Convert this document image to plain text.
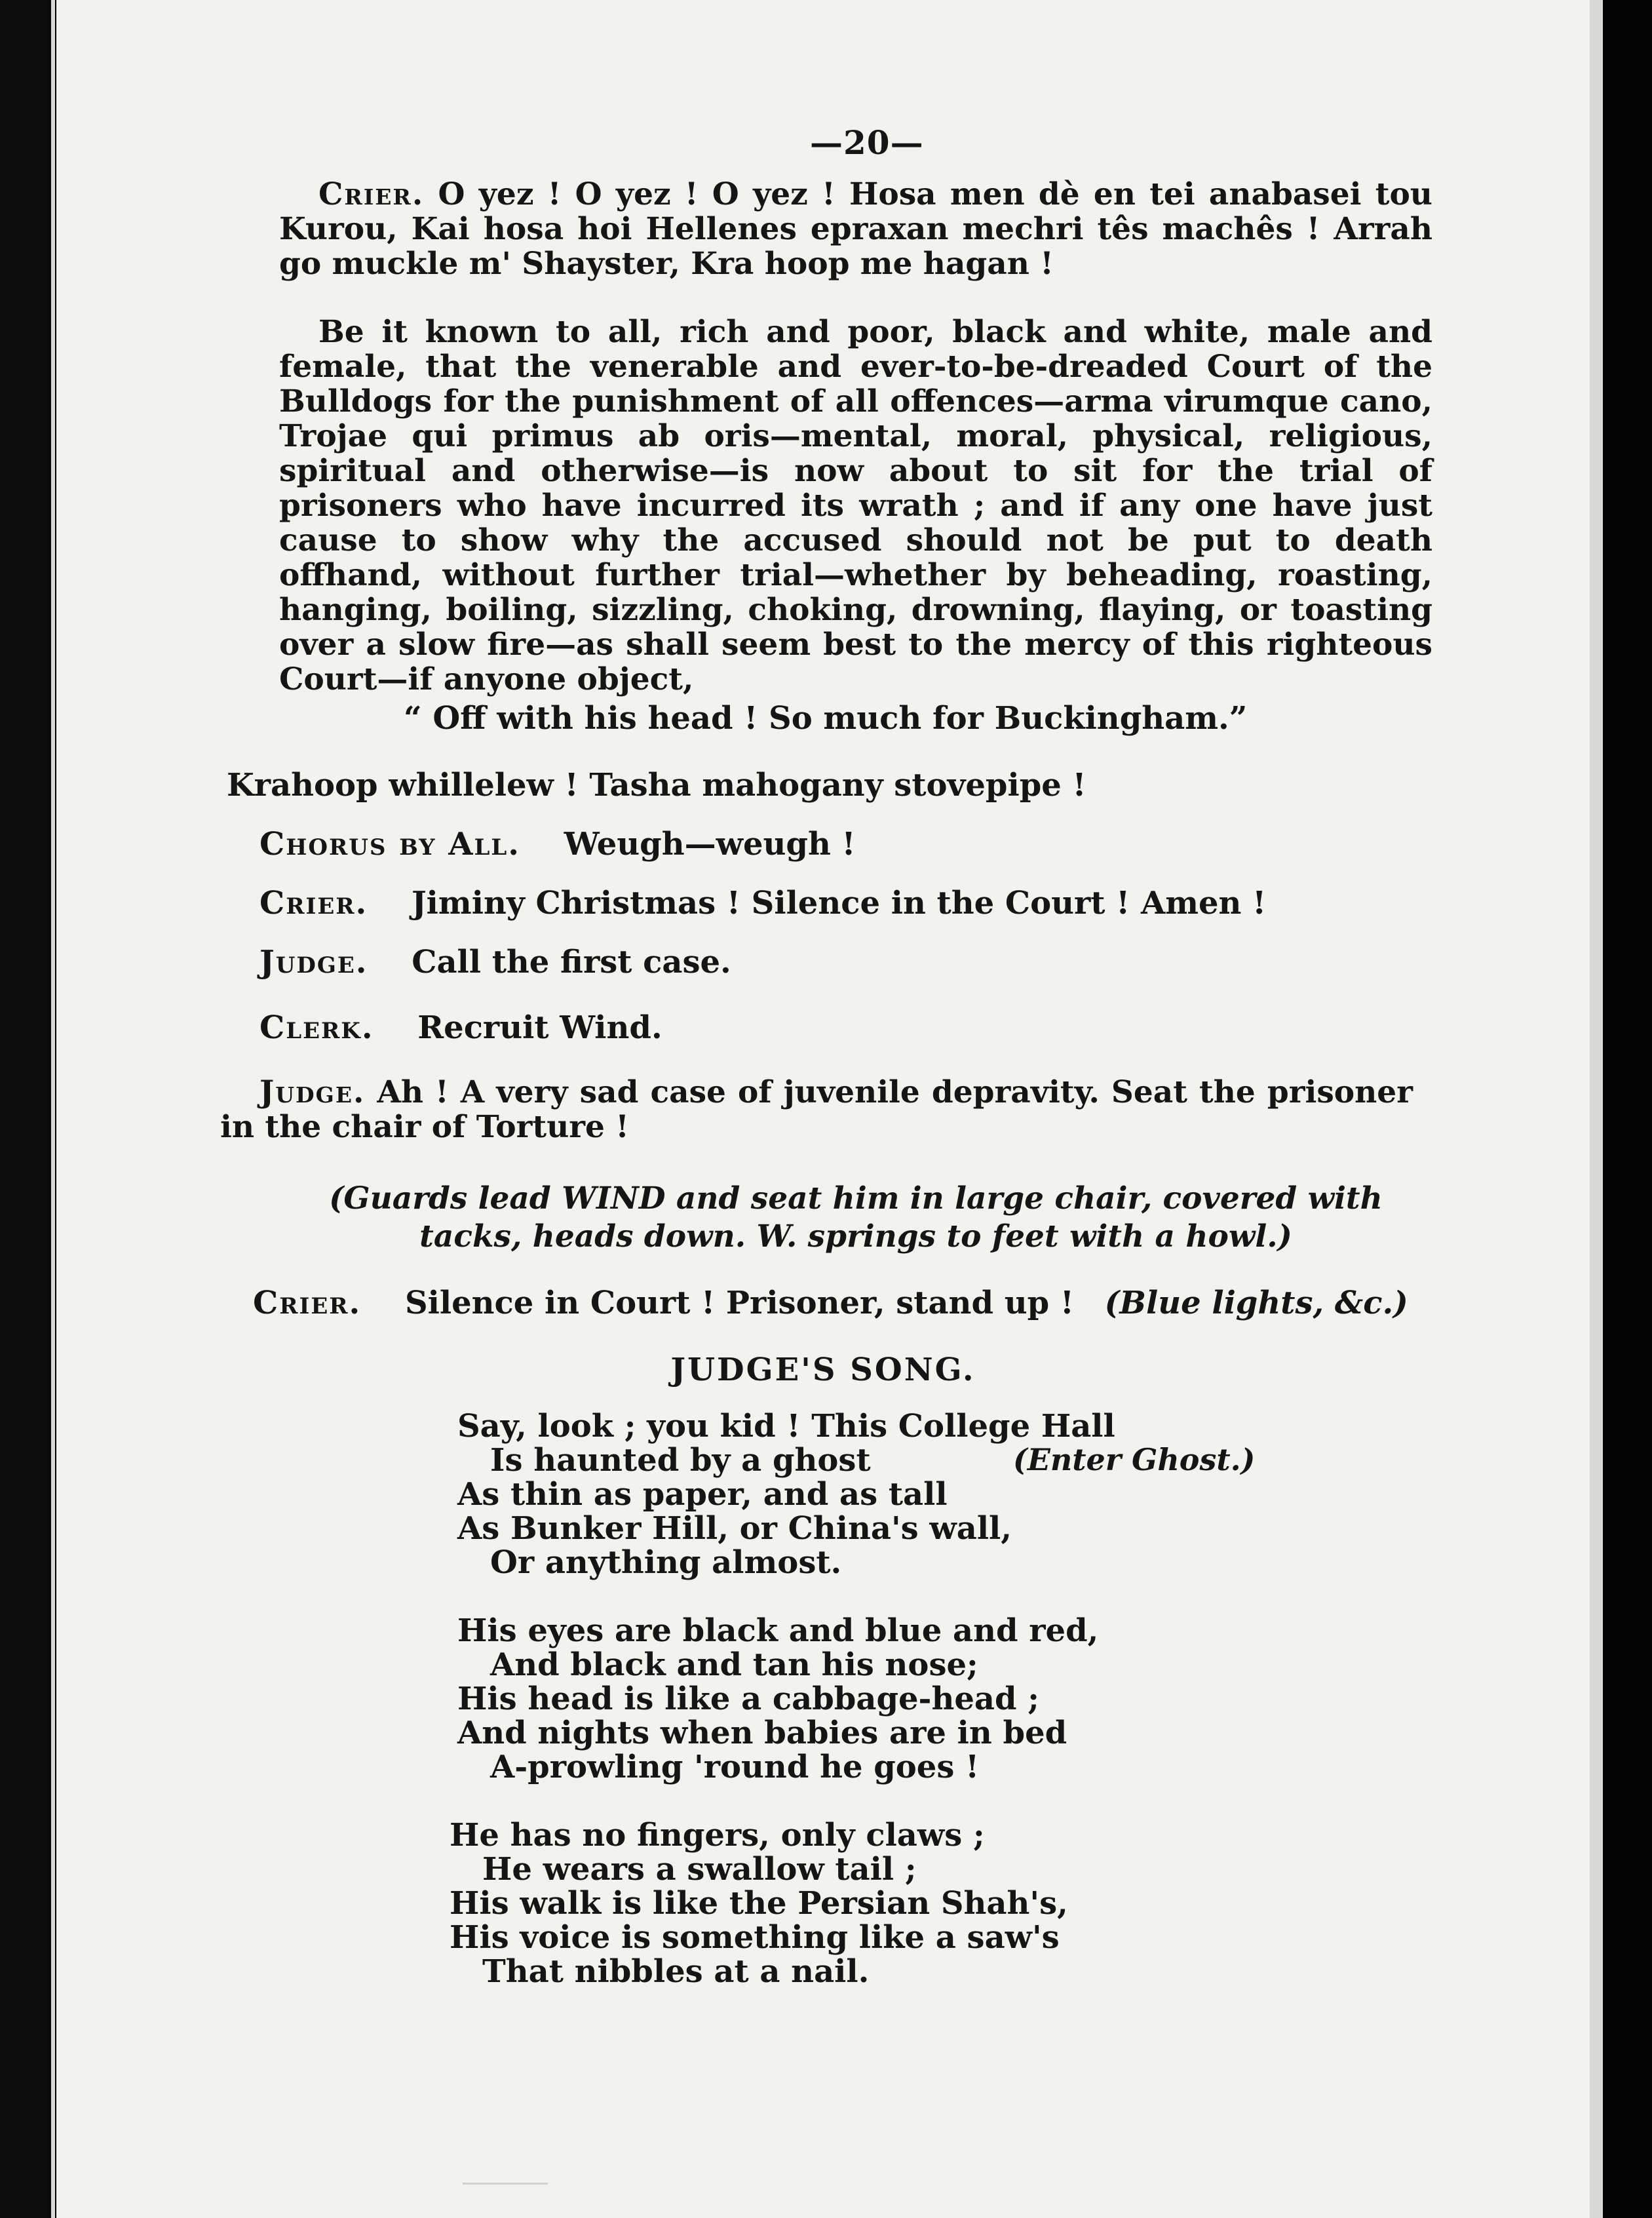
—20—

Crier. O yez ! O yez ! O yez ! Hosa men dè en tei anabasei tou Kurou, Kai hosa hoi Hellenes epraxan mechri tês machês ! Arrah go muckle m' Shayster, Kra hoop me hagan !

Be it known to all, rich and poor, black and white, male and female, that the venerable and ever-to-be-dreaded Court of the Bulldogs for the punishment of all offences—arma virumque cano, Trojae qui primus ab oris—mental, moral, physical, religious, spiritual and otherwise—is now about to sit for the trial of prisoners who have incurred its wrath ; and if any one have just cause to show why the accused should not be put to death offhand, without further trial—whether by beheading, roasting, hanging, boiling, sizzling, choking, drowning, flaying, or toasting over a slow fire—as shall seem best to the mercy of this righteous Court—if anyone object,

“ Off with his head ! So much for Buckingham.”
Krahoop whillelew ! Tasha mahogany stovepipe !
Chorus by All. Weugh—weugh !
Crier. Jiminy Christmas ! Silence in the Court ! Amen !
Judge. Call the first case.
Clerk. Recruit Wind.

Judge. Ah ! A very sad case of juvenile depravity. Seat the prisoner in the chair of Torture !

(Guards lead WIND and seat him in large chair, covered with tacks, heads down. W. springs to feet with a howl.)

Crier. Silence in Court ! Prisoner, stand up ! (Blue lights, &c.)
JUDGE'S SONG.
Say, look ; you kid ! This College Hall
Is haunted by a ghost	(Enter Ghost.)
As thin as paper, and as tall
As Bunker Hill, or China's wall,
Or anything almost.
His eyes are black and blue and red,
And black and tan his nose;
His head is like a cabbage-head ;
And nights when babies are in bed
A-prowling 'round he goes !
He has no fingers, only claws ;
He wears a swallow tail ;
His walk is like the Persian Shah's,
His voice is something like a saw's
That nibbles at a nail.
